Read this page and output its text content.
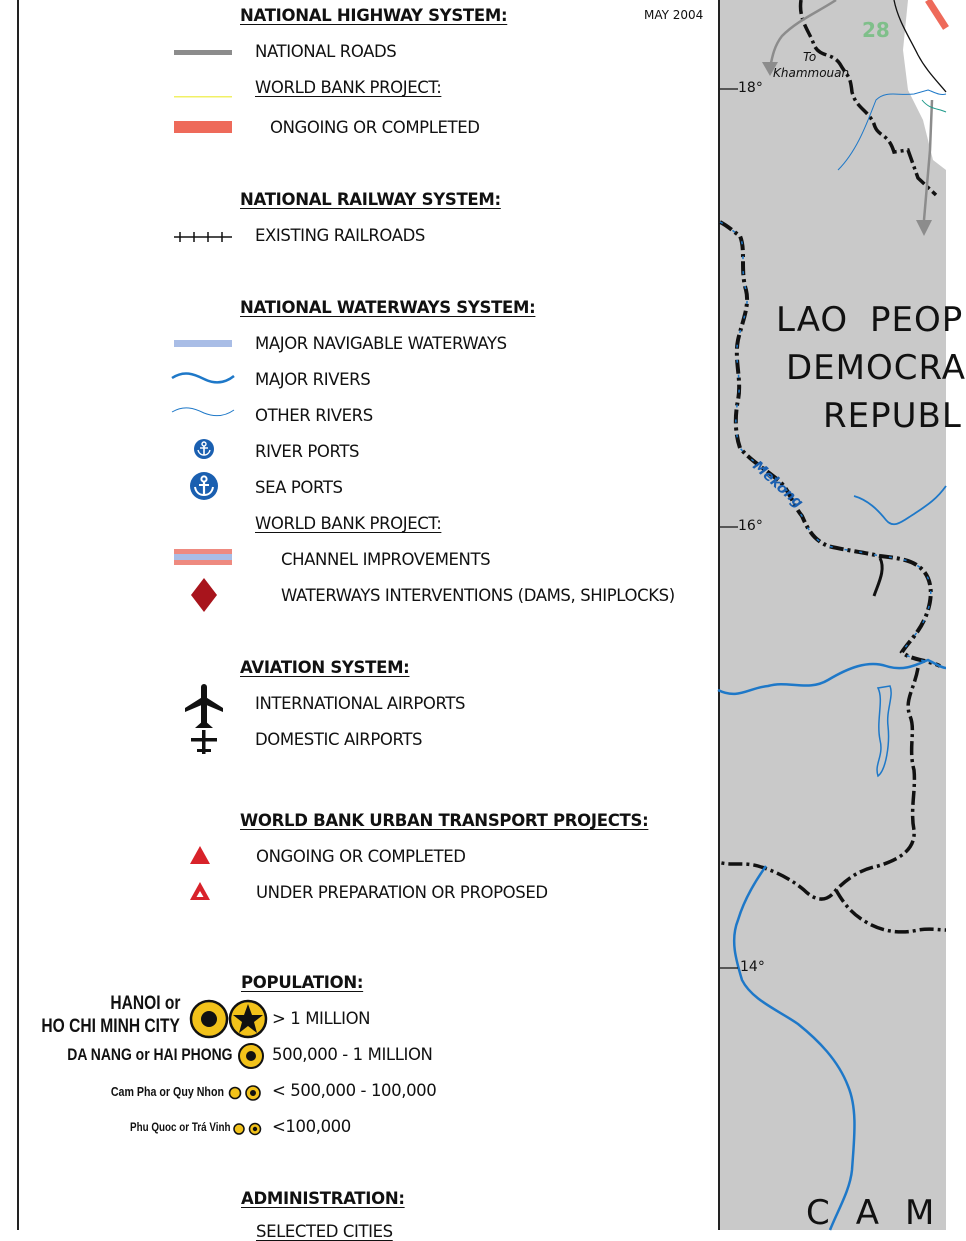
MAY 2004
NATIONAL HIGHWAY SYSTEM:
NATIONAL ROADS
WORLD BANK PROJECT:
ONGOING OR COMPLETED
NATIONAL RAILWAY SYSTEM:
EXISTING RAILROADS
NATIONAL WATERWAYS SYSTEM:
MAJOR NAVIGABLE WATERWAYS
MAJOR RIVERS
OTHER RIVERS
RIVER PORTS
SEA PORTS
WORLD BANK PROJECT:
CHANNEL IMPROVEMENTS
WATERWAYS INTERVENTIONS (DAMS, SHIPLOCKS)
AVIATION SYSTEM:
INTERNATIONAL AIRPORTS
DOMESTIC AIRPORTS
WORLD BANK URBAN TRANSPORT PROJECTS:
ONGOING OR COMPLETED
UNDER PREPARATION OR PROPOSED
POPULATION:
HANOI or
HO CHI MINH CITY	> 1 MILLION
DA NANG or HAI PHONG 500,000 - 1 MILLION
Cam Pha or Quy Nhon	< 500,000 - 100,000
Phu Quoc or Trá Vinh	<100,000
ADMINISTRATION:
SELECTED CITIES
18°
16°
14°
28
To
Khammouan
Mekong
LAO PEOP
DEMOCRA
REPUBL
CAM
